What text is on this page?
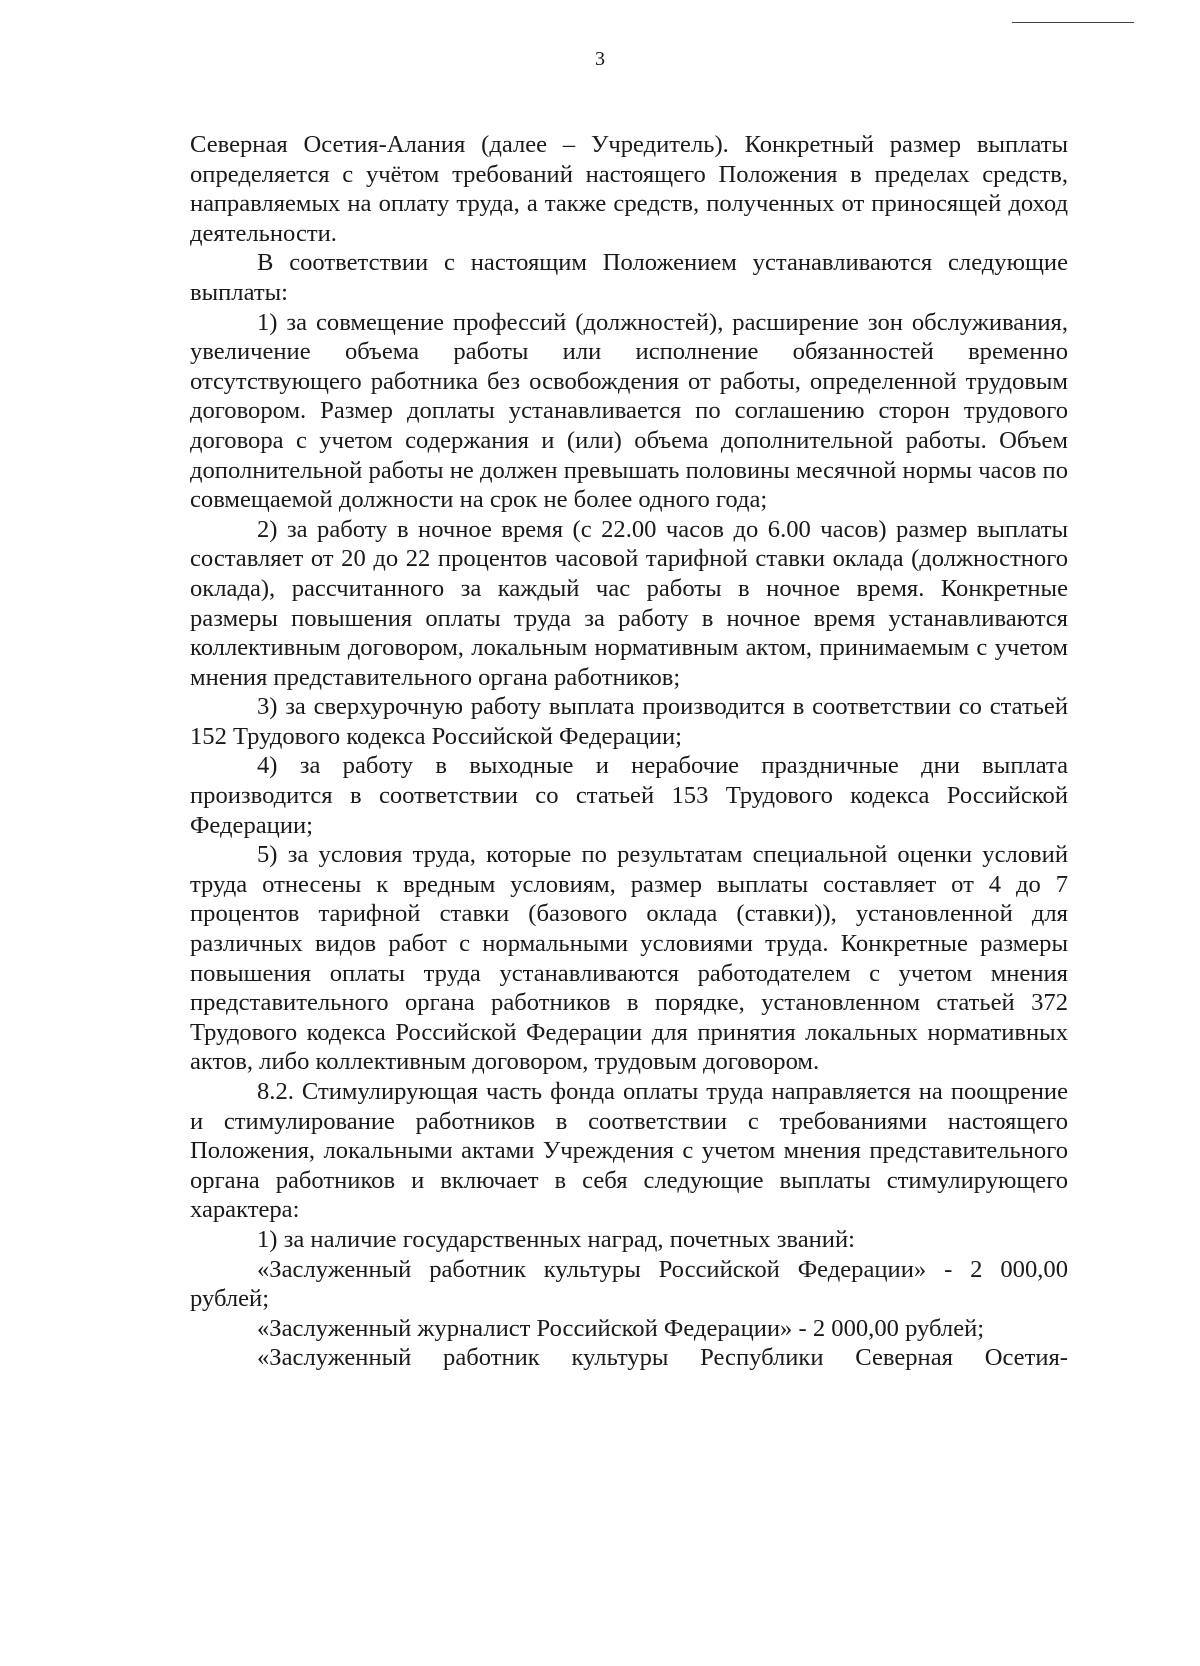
3

Северная Осетия-Алания (далее – Учредитель). Конкретный размер выплаты определяется с учётом требований настоящего Положения в пределах средств, направляемых на оплату труда, а также средств, полученных от приносящей доход деятельности.

В соответствии с настоящим Положением устанавливаются следующие выплаты:

1) за совмещение профессий (должностей), расширение зон обслуживания, увеличение объема работы или исполнение обязанностей временно отсутствующего работника без освобождения от работы, определенной трудовым договором. Размер доплаты устанавливается по соглашению сторон трудового договора с учетом содержания и (или) объема дополнительной работы. Объем дополнительной работы не должен превышать половины месячной нормы часов по совмещаемой должности на срок не более одного года;

2) за работу в ночное время (с 22.00 часов до 6.00 часов) размер выплаты составляет от 20 до 22 процентов часовой тарифной ставки оклада (должностного оклада), рассчитанного за каждый час работы в ночное время. Конкретные размеры повышения оплаты труда за работу в ночное время устанавливаются коллективным договором, локальным нормативным актом, принимаемым с учетом мнения представительного органа работников;

3) за сверхурочную работу выплата производится в соответствии со статьей 152 Трудового кодекса Российской Федерации;

4) за работу в выходные и нерабочие праздничные дни выплата производится в соответствии со статьей 153 Трудового кодекса Российской Федерации;

5) за условия труда, которые по результатам специальной оценки условий труда отнесены к вредным условиям, размер выплаты составляет от 4 до 7 процентов тарифной ставки (базового оклада (ставки)), установленной для различных видов работ с нормальными условиями труда. Конкретные размеры повышения оплаты труда устанавливаются работодателем с учетом мнения представительного органа работников в порядке, установленном статьей 372 Трудового кодекса Российской Федерации для принятия локальных нормативных актов, либо коллективным договором, трудовым договором.

8.2. Стимулирующая часть фонда оплаты труда направляется на поощрение и стимулирование работников в соответствии с требованиями настоящего Положения, локальными актами Учреждения с учетом мнения представительного органа работников и включает в себя следующие выплаты стимулирующего характера:

1) за наличие государственных наград, почетных званий:

«Заслуженный работник культуры Российской Федерации» - 2 000,00 рублей;

«Заслуженный журналист Российской Федерации» - 2 000,00 рублей;

«Заслуженный работник культуры Республики Северная Осетия-
